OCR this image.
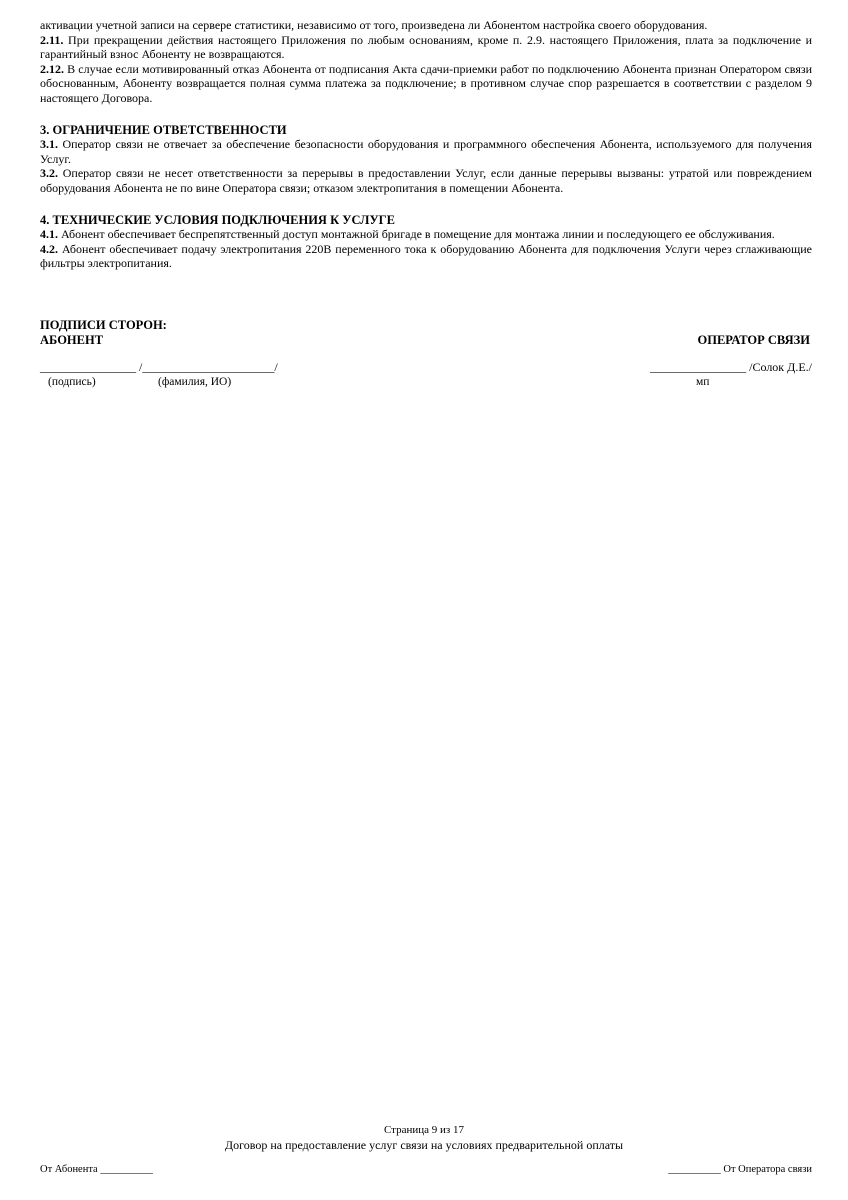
активации учетной записи на сервере статистики, независимо от того, произведена ли Абонентом настройка своего оборудования.

2.11. При прекращении действия настоящего Приложения по любым основаниям, кроме п. 2.9. настоящего Приложения, плата за подключение и гарантийный взнос Абоненту не возвращаются.

2.12. В случае если мотивированный отказ Абонента от подписания Акта сдачи-приемки работ по подключению Абонента признан Оператором связи обоснованным, Абоненту возвращается полная сумма платежа за подключение; в противном случае спор разрешается в соответствии с разделом 9 настоящего Договора.

3. ОГРАНИЧЕНИЕ ОТВЕТСТВЕННОСТИ

3.1. Оператор связи не отвечает за обеспечение безопасности оборудования и программного обеспечения Абонента, используемого для получения Услуг.

3.2. Оператор связи не несет ответственности за перерывы в предоставлении Услуг, если данные перерывы вызваны: утратой или повреждением оборудования Абонента не по вине Оператора связи; отказом электропитания в помещении Абонента.

4. ТЕХНИЧЕСКИЕ УСЛОВИЯ ПОДКЛЮЧЕНИЯ К УСЛУГЕ

4.1. Абонент обеспечивает беспрепятственный доступ монтажной бригаде в помещение для монтажа линии и последующего ее обслуживания.

4.2. Абонент обеспечивает подачу электропитания 220В переменного тока к оборудованию Абонента для подключения Услуги через сглаживающие фильтры электропитания.

ПОДПИСИ СТОРОН:
АБОНЕНТ	ОПЕРАТОР СВЯЗИ
________________ /______________________/	________________ /Солок Д.Е./
(подпись)	(фамилия, ИО)	мп
Страница 9 из 17
Договор на предоставление услуг связи на условиях предварительной оплаты
От Абонента __________	__________ От Оператора связи
